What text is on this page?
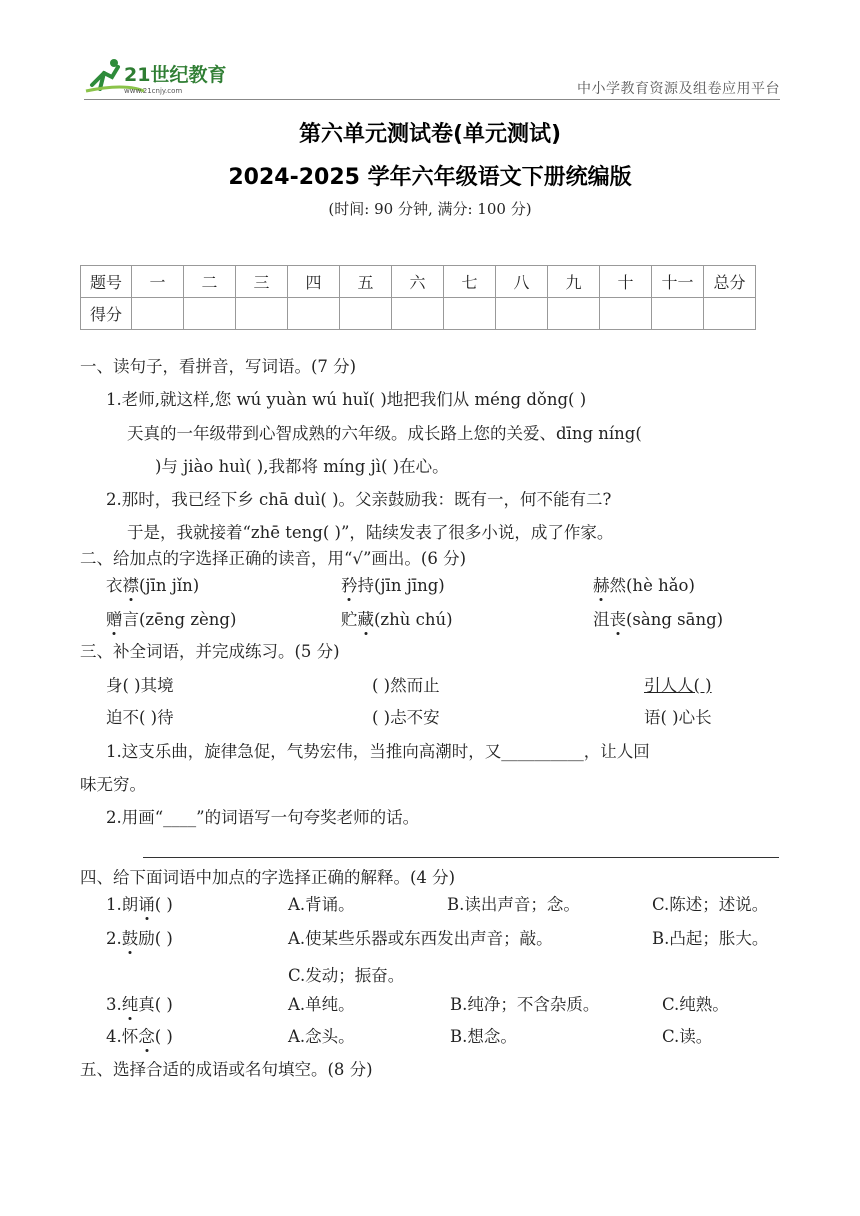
21世纪教育
www.21cnjy.com	中小学教育资源及组卷应用平台
第六单元测试卷(单元测试)
2024-2025 学年六年级语文下册统编版
(时间: 90 分钟, 满分: 100 分)
题号	一	二	三	四	五	六	七	八	九	十	十一	总分
得分												
一、读句子，看拼音，写词语。(7 分)
1.老师,就这样,您 wú yuàn wú huǐ( )地把我们从 méng dǒng( )
天真的一年级带到心智成熟的六年级。成长路上您的关爱、dīng níng(
)与 jiào huì( ),我都将 míng jì( )在心。
2.那时，我已经下乡 chā duì( )。父亲鼓励我：既有一，何不能有二?
于是，我就接着“zhē teng( )”，陆续发表了很多小说，成了作家。
二、给加点的字选择正确的读音，用“√”画出。(6 分)
衣襟(jīn jǐn)	矜持(jīn jīng)	赫然(hè hǎo)
赠言(zēng zèng)	贮藏(zhù chú)	沮丧(sàng sāng)
三、补全词语，并完成练习。(5 分)
身( )其境	( )然而止	引人人( )
迫不( )待	( )忐不安	语( )心长
1.这支乐曲，旋律急促，气势宏伟，当推向高潮时，又__________，让人回
味无穷。
2.用画“____”的词语写一句夸奖老师的话。
四、给下面词语中加点的字选择正确的解释。(4 分)
1.朗诵( )	A.背诵。	B.读出声音；念。	C.陈述；述说。
2.鼓励( )	A.使某些乐器或东西发出声音；敲。	B.凸起；胀大。
C.发动；振奋。
3.纯真( )	A.单纯。	B.纯净；不含杂质。	C.纯熟。
4.怀念( )	A.念头。	B.想念。	C.读。
五、选择合适的成语或名句填空。(8 分)
